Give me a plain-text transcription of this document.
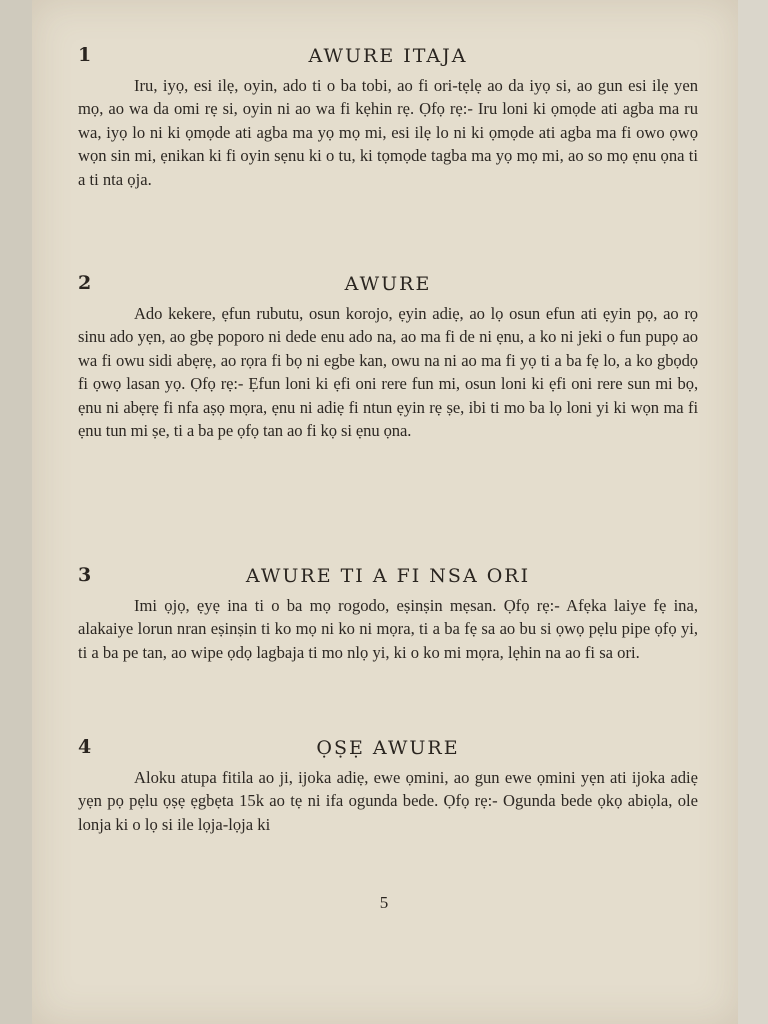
1	AWURE ITAJA

Iru, iyọ, esi ilẹ, oyin, ado ti o ba tobi, ao fi ori-tẹlẹ ao da iyọ si, ao gun esi ilẹ yen mọ, ao wa da omi rẹ si, oyin ni ao wa fi kẹhin rẹ. Ọfọ rẹ:- Iru loni ki ọmọde ati agba ma ru wa, iyọ lo ni ki ọmọde ati agba ma yọ mọ mi, esi ilẹ lo ni ki ọmọde ati agba ma fi owo ọwọ wọn sin mi, ẹnikan ki fi oyin sẹnu ki o tu, ki tọmọde tagba ma yọ mọ mi, ao so mọ ẹnu ọna ti a ti nta ọja.

2	AWURE

Ado kekere, ẹfun rubutu, osun korojo, ẹyin adiẹ, ao lọ osun efun ati ẹyin pọ, ao rọ sinu ado yẹn, ao gbẹ poporo ni dede enu ado na, ao ma fi de ni ẹnu, a ko ni jeki o fun pupọ ao wa fi owu sidi abẹrẹ, ao rọra fi bọ ni egbe kan, owu na ni ao ma fi yọ ti a ba fẹ lo, a ko gbọdọ fi ọwọ lasan yọ. Ọfọ rẹ:- Ẹfun loni ki ẹfi oni rere fun mi, osun loni ki ẹfi oni rere sun mi bọ, ẹnu ni abẹrẹ fi nfa aṣọ mọra, ẹnu ni adiẹ fi ntun ẹyin rẹ ṣe, ibi ti mo ba lọ loni yi ki wọn ma fi ẹnu tun mi ṣe, ti a ba pe ọfọ tan ao fi kọ si ẹnu ọna.

3	AWURE TI A FI NSA ORI

Imi ọjọ, ẹyẹ ina ti o ba mọ rogodo, eṣinṣin mẹsan. Ọfọ rẹ:- Afẹka laiye fẹ ina, alakaiye lorun nran eṣinṣin ti ko mọ ni ko ni mọra, ti a ba fẹ sa ao bu si ọwọ pẹlu pipe ọfọ yi, ti a ba pe tan, ao wipe ọdọ lagbaja ti mo nlọ yi, ki o ko mi mọra, lẹhin na ao fi sa ori.

4	ỌṢẸ AWURE

Aloku atupa fitila ao ji, ijoka adiẹ, ewe ọmini, ao gun ewe ọmini yẹn ati ijoka adiẹ yẹn pọ pẹlu ọṣẹ ẹgbẹta 15k ao tẹ ni ifa ogunda bede. Ọfọ rẹ:- Ogunda bede ọkọ abiọla, ole lonja ki o lọ si ile lọja-lọja ki

5
